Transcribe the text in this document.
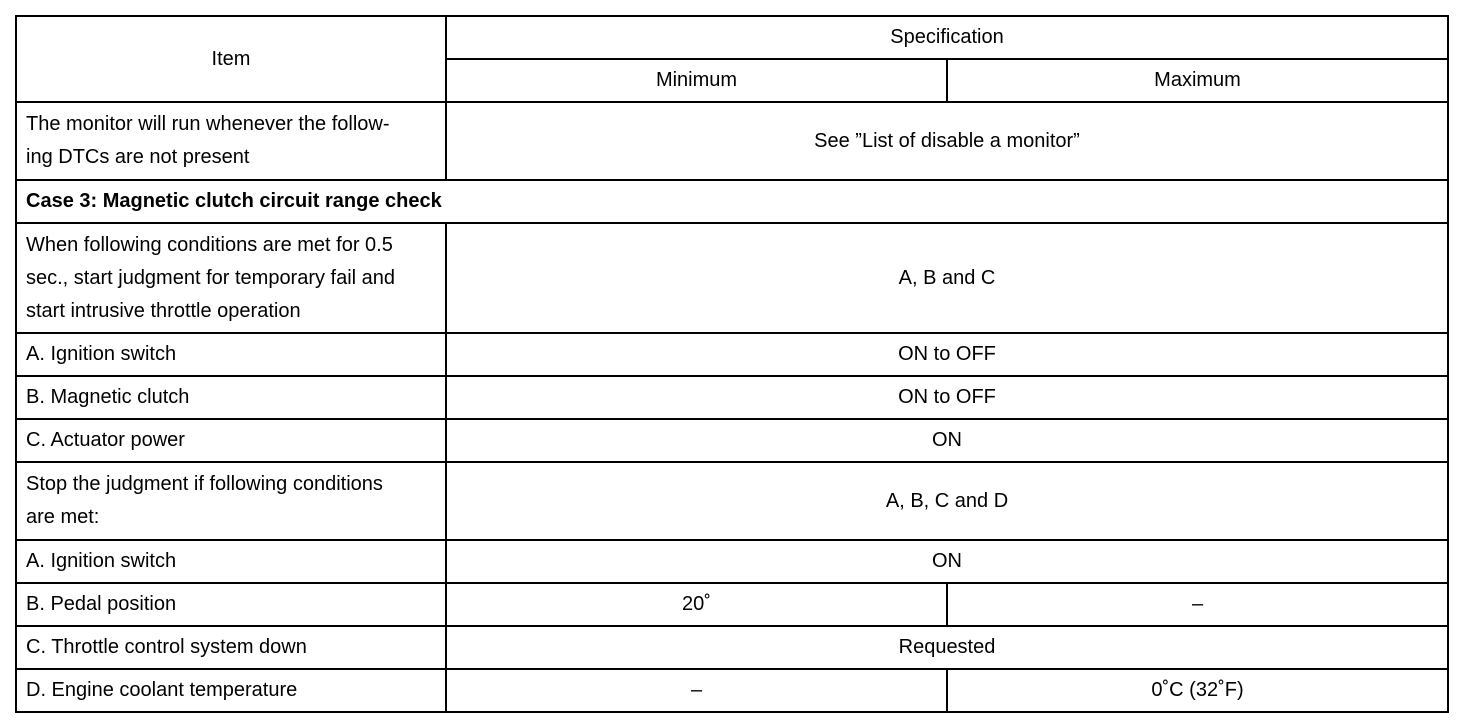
Item	Specification	
	Minimum	Maximum
The monitor will run whenever the follow-
ing DTCs are not present	See ”List of disable a monitor”	
Case 3: Magnetic clutch circuit range check		
When following conditions are met for 0.5
sec., start judgment for temporary fail and
start intrusive throttle operation	A, B and C	
A. Ignition switch	ON to OFF	
B. Magnetic clutch	ON to OFF	
C. Actuator power	ON	
Stop the judgment if following conditions
are met:	A, B, C and D	
A. Ignition switch	ON	
B. Pedal position	20˚	–
C. Throttle control system down	Requested	
D. Engine coolant temperature	–	0˚C (32˚F)
